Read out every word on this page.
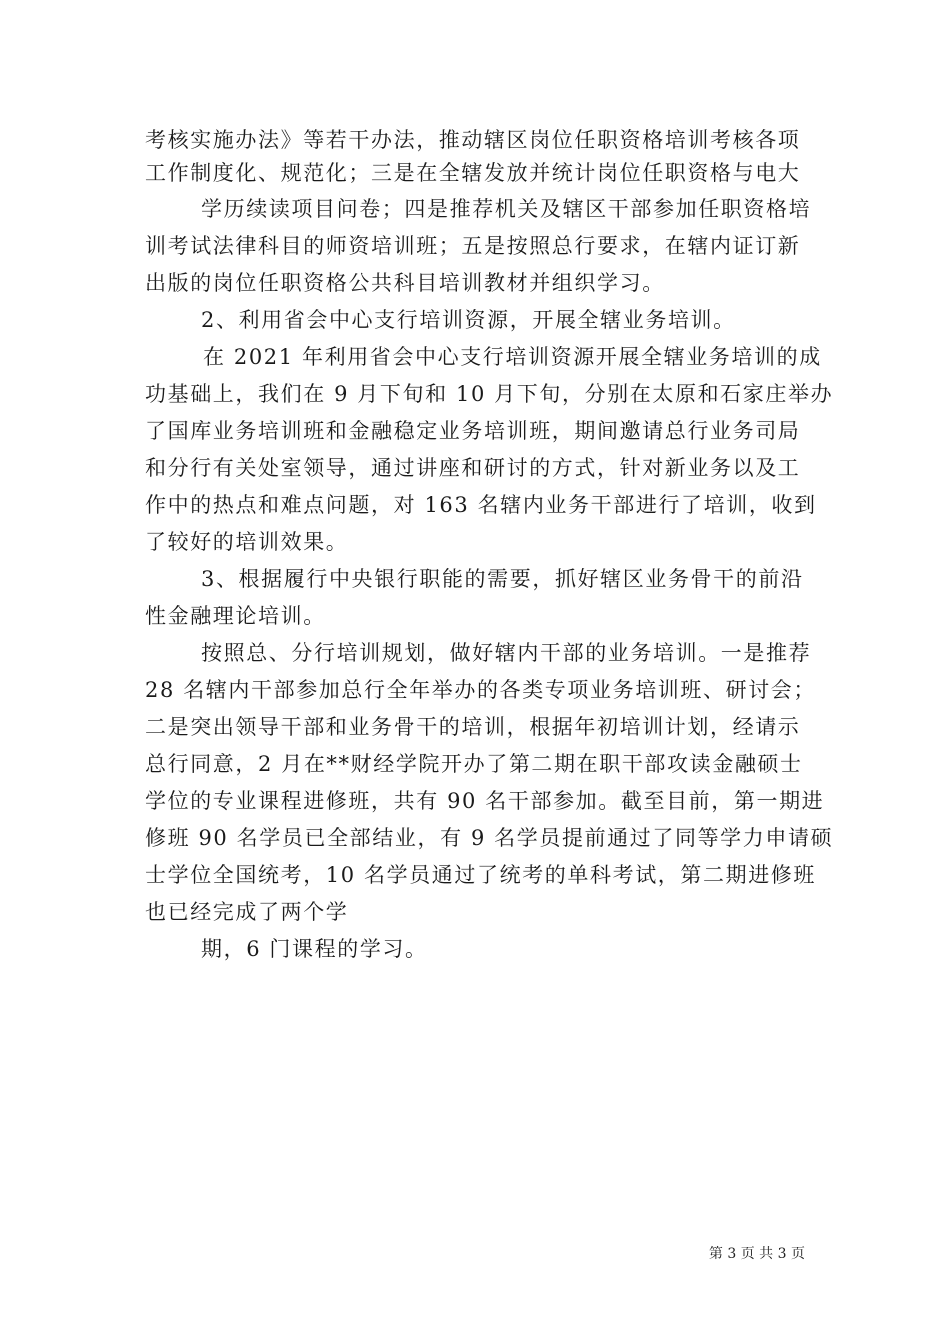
考核实施办法》等若干办法，推动辖区岗位任职资格培训考核各项
工作制度化、规范化；三是在全辖发放并统计岗位任职资格与电大
学历续读项目问卷；四是推荐机关及辖区干部参加任职资格培
训考试法律科目的师资培训班；五是按照总行要求，在辖内证订新
出版的岗位任职资格公共科目培训教材并组织学习。
2、利用省会中心支行培训资源，开展全辖业务培训。
在 2021 年利用省会中心支行培训资源开展全辖业务培训的成
功基础上，我们在 9 月下旬和 10 月下旬，分别在太原和石家庄举办
了国库业务培训班和金融稳定业务培训班，期间邀请总行业务司局
和分行有关处室领导，通过讲座和研讨的方式，针对新业务以及工
作中的热点和难点问题，对 163 名辖内业务干部进行了培训，收到
了较好的培训效果。
3、根据履行中央银行职能的需要，抓好辖区业务骨干的前沿
性金融理论培训。
按照总、分行培训规划，做好辖内干部的业务培训。一是推荐
28 名辖内干部参加总行全年举办的各类专项业务培训班、研讨会；
二是突出领导干部和业务骨干的培训，根据年初培训计划，经请示
总行同意，2 月在**财经学院开办了第二期在职干部攻读金融硕士
学位的专业课程进修班，共有 90 名干部参加。截至目前，第一期进
修班 90 名学员已全部结业，有 9 名学员提前通过了同等学力申请硕
士学位全国统考，10 名学员通过了统考的单科考试，第二期进修班
也已经完成了两个学
期，6 门课程的学习。
第 3 页 共 3 页
